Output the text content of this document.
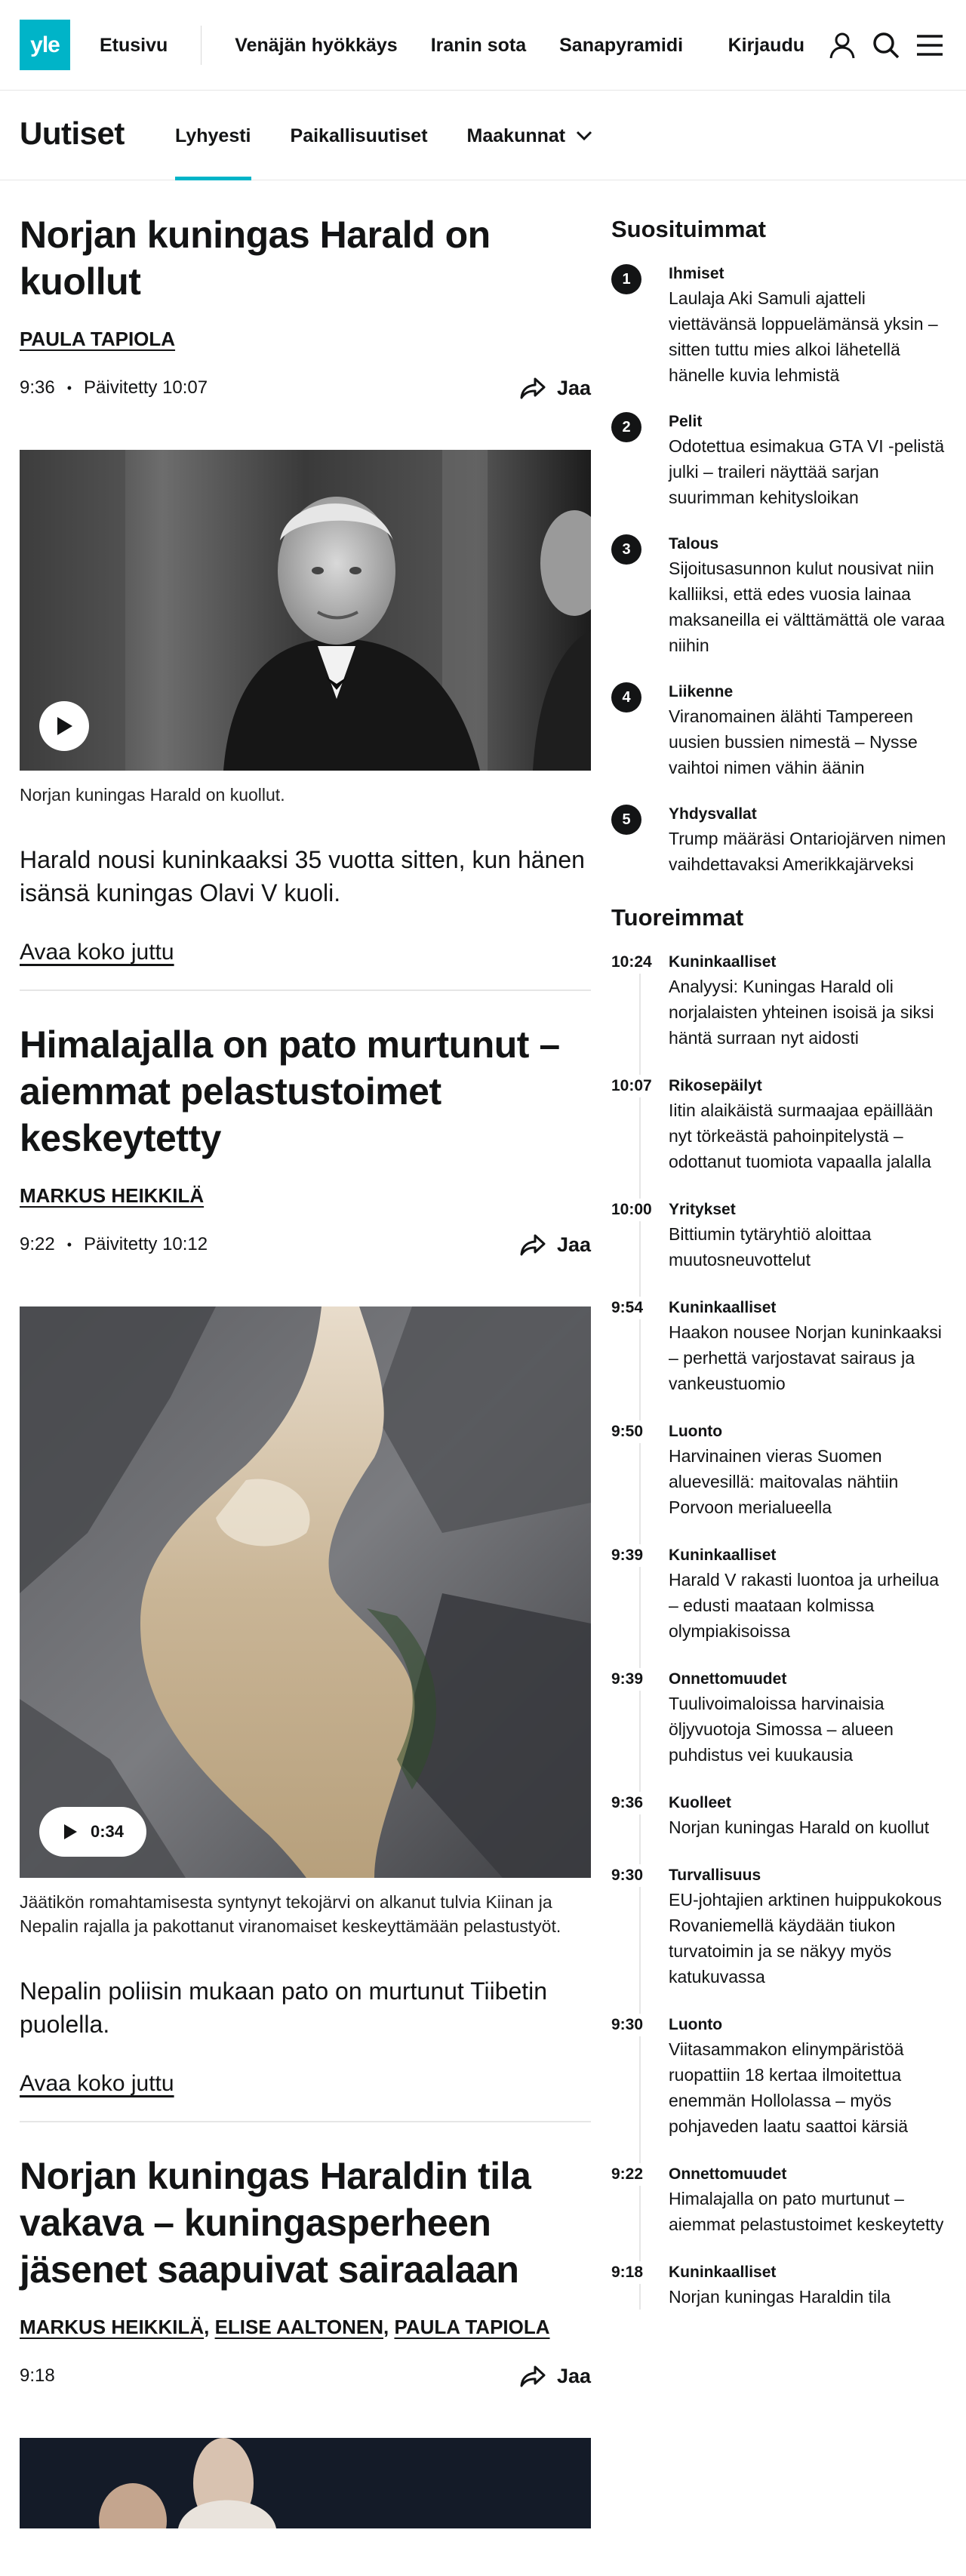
yle Etusivu	Venäjän hyökkäys Iranin sota Sanapyramidi Kirjaudu
Uutiset	Lyhyesti Paikallisuutiset Maakunnat
Norjan kuningas Harald on kuollut
PAULA TAPIOLA
9:36 • Päivitetty 10:07	Jaa

Norjan kuningas Harald on kuollut.

Harald nousi kuninkaaksi 35 vuotta sitten, kun hänen isänsä kuningas Olavi V kuoli.

Avaa koko juttu
Himalajalla on pato murtunut – aiemmat pelastustoimet keskeytetty
MARKUS HEIKKILÄ
9:22 • Päivitetty 10:12	Jaa
0:34

Jäätikön romahtamisesta syntynyt tekojärvi on alkanut tulvia Kiinan ja Nepalin rajalla ja pakottanut viranomaiset keskeyttämään pelastustyöt.

Nepalin poliisin mukaan pato on murtunut Tiibetin puolella.

Avaa koko juttu
Norjan kuningas Haraldin tila vakava – kuningasperheen jäsenet saapuivat sairaalaan
MARKUS HEIKKILÄ, ELISE AALTONEN, PAULA TAPIOLA
9:18	Jaa
Suosituimmat
1	Ihmiset
Laulaja Aki Samuli ajatteli viettävänsä loppuelämänsä yksin – sitten tuttu mies alkoi lähetellä hänelle kuvia lehmistä
2	Pelit
Odotettua esimakua GTA VI -pelistä julki – traileri näyttää sarjan suurimman kehitysloikan
3	Talous
Sijoitusasunnon kulut nousivat niin kalliiksi, että edes vuosia lainaa maksaneilla ei välttämättä ole varaa niihin
4	Liikenne
Viranomainen älähti Tampereen uusien bussien nimestä – Nysse vaihtoi nimen vähin äänin
5	Yhdysvallat
Trump määräsi Ontariojärven nimen vaihdettavaksi Amerikkajärveksi
Tuoreimmat
10:24	Kuninkaalliset
Analyysi: Kuningas Harald oli norjalaisten yhteinen isoisä ja siksi häntä surraan nyt aidosti
10:07	Rikosepäilyt
Iitin alaikäistä surmaajaa epäillään nyt törkeästä pahoinpitelystä – odottanut tuomiota vapaalla jalalla
10:00	Yritykset
Bittiumin tytäryhtiö aloittaa muutosneuvottelut
9:54	Kuninkaalliset
Haakon nousee Norjan kuninkaaksi – perhettä varjostavat sairaus ja vankeustuomio
9:50	Luonto
Harvinainen vieras Suomen aluevesillä: maitovalas nähtiin Porvoon merialueella
9:39	Kuninkaalliset
Harald V rakasti luontoa ja urheilua – edusti maataan kolmissa olympiakisoissa
9:39	Onnettomuudet
Tuulivoimaloissa harvinaisia öljyvuotoja Simossa – alueen puhdistus vei kuukausia
9:36	Kuolleet
Norjan kuningas Harald on kuollut
9:30	Turvallisuus
EU-johtajien arktinen huippukokous Rovaniemellä käydään tiukon turvatoimin ja se näkyy myös katukuvassa
9:30	Luonto
Viitasammakon elinympäristöä ruopattiin 18 kertaa ilmoitettua enemmän Hollolassa – myös pohjaveden laatu saattoi kärsiä
9:22	Onnettomuudet
Himalajalla on pato murtunut – aiemmat pelastustoimet keskeytetty
9:18	Kuninkaalliset
Norjan kuningas Haraldin tila
